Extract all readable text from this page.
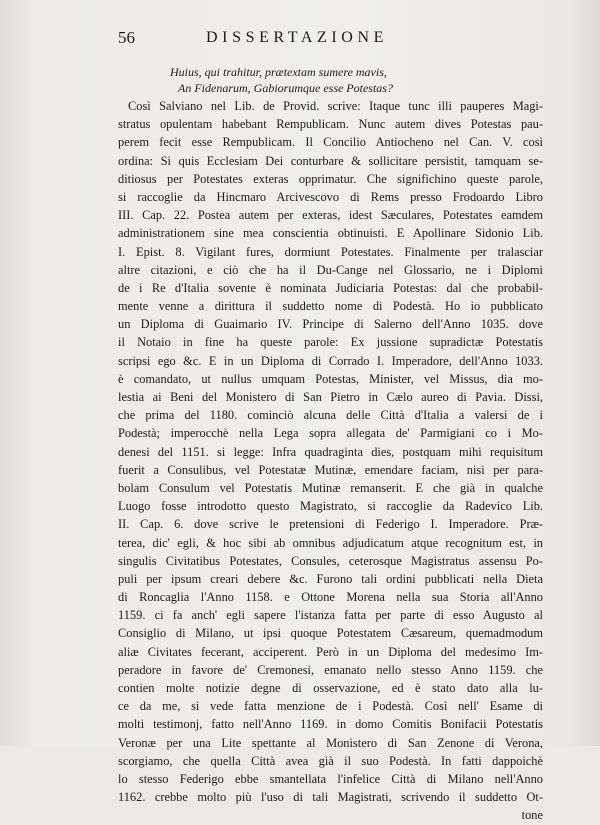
56	DISSERTAZIONE
Huius, qui trahitur, prætextam sumere mavis,
An Fidenarum, Gabiorumque esse Potestas?
Così Salviano nel Lib. de Provid. scrive: Itaque tunc illi pauperes Magi-
stratus opulentam habebant Rempublicam. Nunc autem dives Potestas pau-
perem fecit esse Rempublicam. Il Concilio Antiocheno nel Can. V. così
ordina: Si quis Ecclesiam Dei conturbare & sollicitare persistit, tamquam se-
ditiosus per Potestates exteras opprimatur. Che significhino queste parole,
si raccoglie da Hincmaro Arcivescovo di Rems presso Frodoardo Libro
III. Cap. 22. Postea autem per exteras, idest Sæculares, Potestates eamdem
administrationem sine mea conscientia obtinuisti. E Apollinare Sidonio Lib.
I. Epist. 8. Vigilant fures, dormiunt Potestates. Finalmente per tralasciar
altre citazioni, e ciò che ha il Du-Cange nel Glossario, ne i Diplomi
de i Re d'Italia sovente è nominata Judiciaria Potestas: dal che probabil-
mente venne a dirittura il suddetto nome di Podestà. Ho io pubblicato
un Diploma di Guaimario IV. Principe di Salerno dell'Anno 1035. dove
il Notaio in fine ha queste parole: Ex jussione supradictæ Potestatis
scripsi ego &c. E in un Diploma di Corrado I. Imperadore, dell'Anno 1033.
è comandato, ut nullus umquam Potestas, Minister, vel Missus, dia mo-
lestia ai Beni del Monistero di San Pietro in Cælo aureo di Pavia. Dissi,
che prima del 1180. cominciò alcuna delle Città d'Italia a valersi de i
Podestà; imperocchè nella Lega sopra allegata de' Parmigiani co i Mo-
denesi del 1151. si legge: Infra quadraginta dies, postquam mihi requisitum
fuerit a Consulibus, vel Potestatæ Mutinæ, emendare faciam, nisi per para-
bolam Consulum vel Potestatis Mutinæ remanserit. E che già in qualche
Luogo fosse introdotto questo Magistrato, si raccoglie da Radevico Lib.
II. Cap. 6. dove scrive le pretensioni di Federigo I. Imperadore. Præ-
terea, dic' egli, & hoc sibi ab omnibus adjudicatum atque recognitum est, in
singulis Civitatibus Potestates, Consules, ceterosque Magistratus assensu Po-
puli per ipsum creari debere &c. Furono tali ordini pubblicati nella Dieta
di Roncaglia l'Anno 1158. e Ottone Morena nella sua Storia all'Anno
1159. ci fa anch' egli sapere l'istanza fatta per parte di esso Augusto al
Consiglio di Milano, ut ipsi quoque Potestatem Cæsareum, quemadmodum
aliæ Civitates fecerant, acciperent. Però in un Diploma del medesimo Im-
peradore in favore de' Cremonesi, emanato nello stesso Anno 1159. che
contien molte notizie degne di osservazione, ed è stato dato alla lu-
ce da me, si vede fatta menzione de i Podestà. Così nell' Esame di
molti testimonj, fatto nell'Anno 1169. in domo Comitis Bonifacii Potestatis
Veronæ per una Lite spettante al Monistero di San Zenone di Verona,
scorgiamo, che quella Città avea già il suo Podestà. In fatti dappoichè
lo stesso Federigo ebbe smantellata l'infelice Città di Milano nell'Anno
1162. crebbe molto più l'uso di tali Magistrati, scrivendo il suddetto Ot-
tone
